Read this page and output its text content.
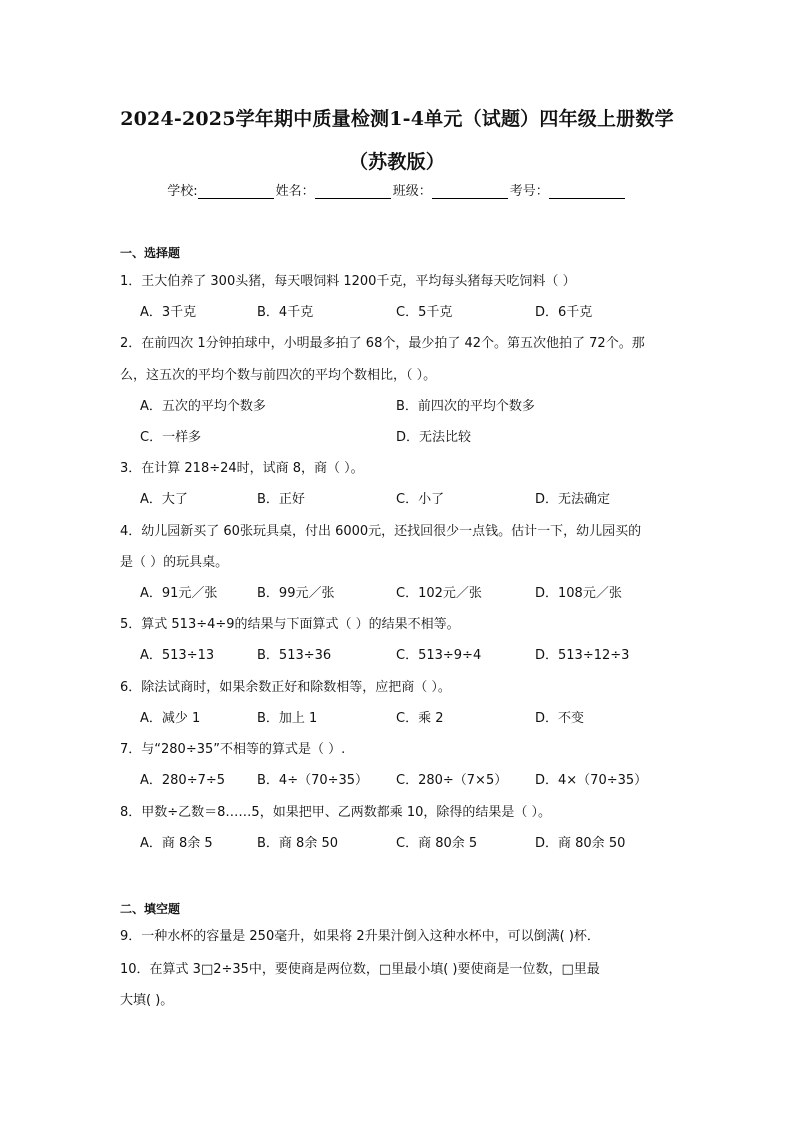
2024-2025学年期中质量检测1-4单元（试题）四年级上册数学
（苏教版）
学校:	姓名：	班级：	考号：
一、选择题
1．王大伯养了 300头猪，每天喂饲料 1200千克，平均每头猪每天吃饲料（ ）
A．3千克	B．4千克	C．5千克	D．6千克
2．在前四次 1分钟拍球中，小明最多拍了 68个，最少拍了 42个。第五次他拍了 72个。那
么，这五次的平均个数与前四次的平均个数相比，（ ）。
A．五次的平均个数多	B．前四次的平均个数多
C．一样多	D．无法比较
3．在计算 218÷24时，试商 8，商（ ）。
A．大了	B．正好	C．小了	D．无法确定
4．幼儿园新买了 60张玩具桌，付出 6000元，还找回很少一点钱。估计一下，幼儿园买的
是（ ）的玩具桌。
A．91元／张	B．99元／张	C．102元／张	D．108元／张
5．算式 513÷4÷9的结果与下面算式（ ）的结果不相等。
A．513÷13	B．513÷36	C．513÷9÷4	D．513÷12÷3
6．除法试商时，如果余数正好和除数相等，应把商（ ）。
A．减少 1	B．加上 1	C．乘 2	D．不变
7．与“280÷35”不相等的算式是（ ）.
A．280÷7÷5 B．4÷（70÷35） C．280÷（7×5） D．4×（70÷35）
8．甲数÷乙数＝8……5，如果把甲、乙两数都乘 10，除得的结果是（ ）。
A．商 8余 5	B．商 8余 50	C．商 80余 5	D．商 80余 50
二、填空题
9．一种水杯的容量是 250毫升，如果将 2升果汁倒入这种水杯中，可以倒满( )杯．
10．在算式 3□2÷35中，要使商是两位数，□里最小填( )要使商是一位数，□里最
大填( )。
